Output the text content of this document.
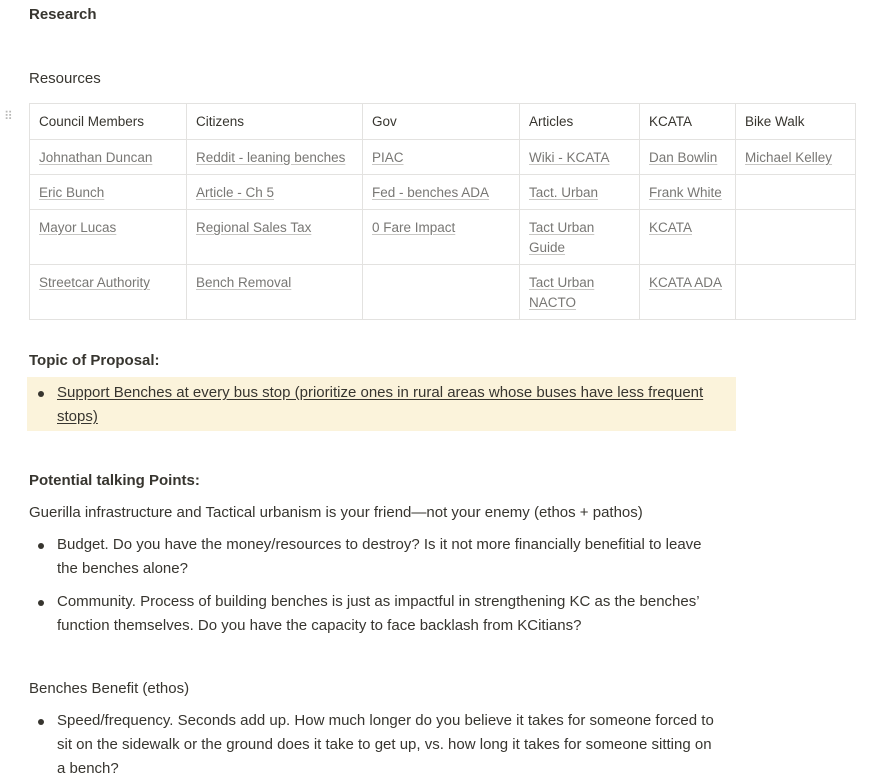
⠿
Research
Resources
Council Members	Citizens	Gov	Articles	KCATA	Bike Walk
Johnathan Duncan	Reddit - leaning benches	PIAC	Wiki - KCATA	Dan Bowlin	Michael Kelley
Eric Bunch	Article - Ch 5	Fed - benches ADA	Tact. Urban	Frank White	
Mayor Lucas	Regional Sales Tax	0 Fare Impact	Tact Urban Guide	KCATA	
Streetcar Authority	Bench Removal		Tact Urban NACTO	KCATA ADA	
Topic of Proposal:
Support Benches at every bus stop (prioritize ones in rural areas whose buses have less frequent stops)
Potential talking Points:
Guerilla infrastructure and Tactical urbanism is your friend—not your enemy (ethos + pathos)
Budget. Do you have the money/resources to destroy? Is it not more financially benefitial to leave the benches alone?
Community. Process of building benches is just as impactful in strengthening KC as the benches’ function themselves. Do you have the capacity to face backlash from KCitians?
Benches Benefit (ethos)
Speed/frequency. Seconds add up. How much longer do you believe it takes for someone forced to sit on the sidewalk or the ground does it take to get up, vs. how long it takes for someone sitting on a bench?
